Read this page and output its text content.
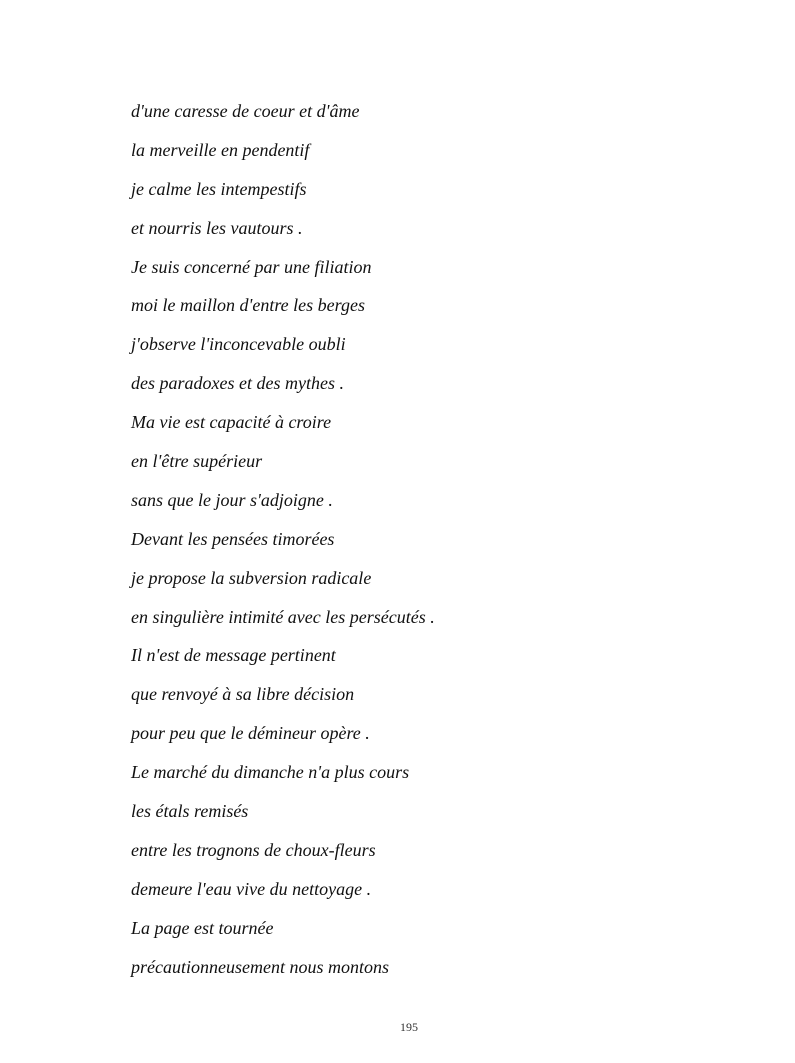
d'une caresse de coeur et d'âme
la merveille en pendentif
je calme les intempestifs
et nourris les vautours .
Je suis concerné par une filiation
moi le maillon d'entre les berges
j'observe l'inconcevable oubli
des paradoxes et des mythes .
Ma vie est capacité à croire
en l'être supérieur
sans que le jour s'adjoigne .
Devant les pensées timorées
je propose la subversion radicale
en singulière intimité avec les persécutés .
Il n'est de message pertinent
que renvoyé à sa libre décision
pour peu que le démineur opère .
Le marché du dimanche n'a plus cours
les étals remisés
entre les trognons de choux-fleurs
demeure l'eau vive du nettoyage .
La page est tournée
précautionneusement nous montons
195
